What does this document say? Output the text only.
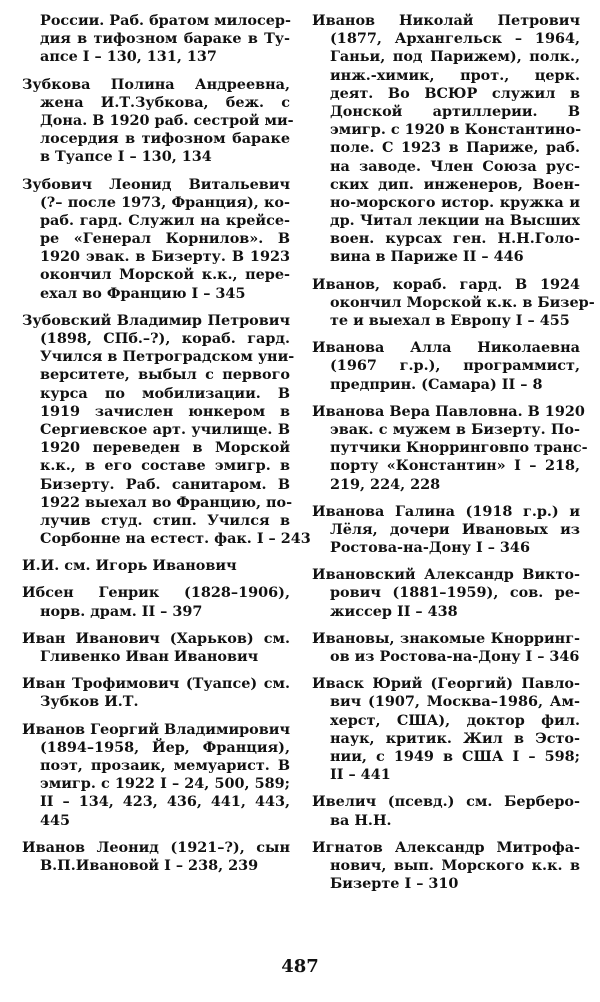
России. Раб. братом милосер-
дия в тифозном бараке в Ту-
апсе I – 130, 131, 137
Зубкова Полина Андреевна,
жена И.Т.Зубкова, беж. с
Дона. В 1920 раб. сестрой ми-
лосердия в тифозном бараке
в Туапсе I – 130, 134
Зубович Леонид Витальевич
(?– после 1973, Франция), ко-
раб. гард. Служил на крейсе-
ре «Генерал Корнилов». В
1920 эвак. в Бизерту. В 1923
окончил Морской к.к., пере-
ехал во Францию I – 345
Зубовский Владимир Петрович
(1898, СПб.–?), кораб. гард.
Учился в Петроградском уни-
верситете, выбыл с первого
курса по мобилизации. В
1919 зачислен юнкером в
Сергиевское арт. училище. В
1920 переведен в Морской
к.к., в его составе эмигр. в
Бизерту. Раб. санитаром. В
1922 выехал во Францию, по-
лучив студ. стип. Учился в
Сорбонне на естест. фак. I – 243
И.И. см. Игорь Иванович
Ибсен Генрик (1828–1906),
норв. драм. II – 397
Иван Иванович (Харьков) см.
Гливенко Иван Иванович
Иван Трофимович (Туапсе) см.
Зубков И.Т.
Иванов Георгий Владимирович
(1894–1958, Йер, Франция),
поэт, прозаик, мемуарист. В
эмигр. с 1922 I – 24, 500, 589;
II – 134, 423, 436, 441, 443,
445
Иванов Леонид (1921–?), сын
В.П.Ивановой I – 238, 239
Иванов Николай Петрович
(1877, Архангельск – 1964,
Ганьи, под Парижем), полк.,
инж.-химик, прот., церк.
деят. Во ВСЮР служил в
Донской артиллерии. В
эмигр. с 1920 в Константино-
поле. С 1923 в Париже, раб.
на заводе. Член Союза рус-
ских дип. инженеров, Воен-
но-морского истор. кружка и
др. Читал лекции на Высших
воен. курсах ген. Н.Н.Голо-
вина в Париже II – 446
Иванов, кораб. гард. В 1924
окончил Морской к.к. в Бизер-
те и выехал в Европу I – 455
Иванова Алла Николаевна
(1967 г.р.), программист,
предприн. (Самара) II – 8
Иванова Вера Павловна. В 1920
эвак. с мужем в Бизерту. По-
путчики Кнорринговпо транс-
порту «Константин» I – 218,
219, 224, 228
Иванова Галина (1918 г.р.) и
Лёля, дочери Ивановых из
Ростова-на-Дону I – 346
Ивановский Александр Викто-
рович (1881–1959), сов. ре-
жиссер II – 438
Ивановы, знакомые Кнорринг-
ов из Ростова-на-Дону I – 346
Иваск Юрий (Георгий) Павло-
вич (1907, Москва–1986, Ам-
херст, США), доктор фил.
наук, критик. Жил в Эсто-
нии, с 1949 в США I – 598;
II – 441
Ивелич (псевд.) см. Берберо-
ва Н.Н.
Игнатов Александр Митрофа-
нович, вып. Морского к.к. в
Бизерте I – 310
487
